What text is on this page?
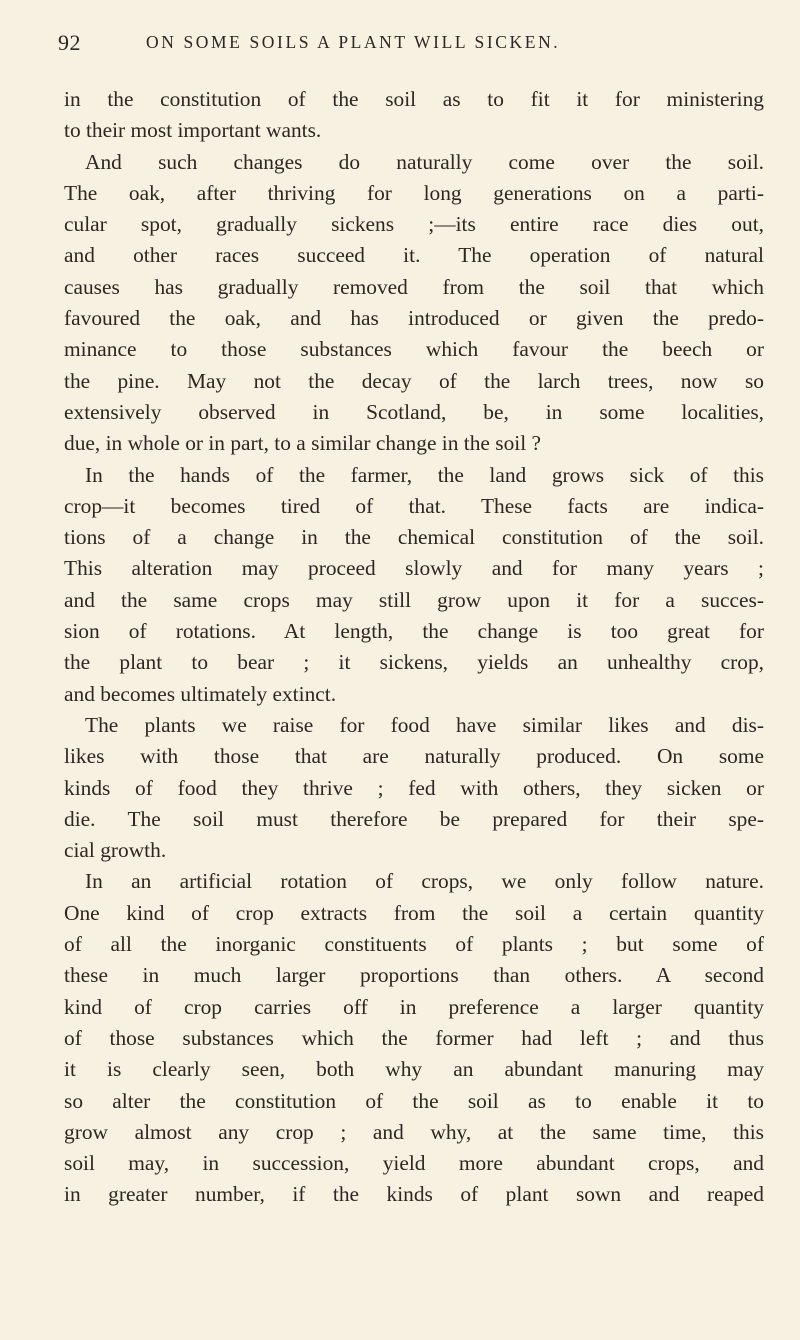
92	ON SOME SOILS A PLANT WILL SICKEN.
in the constitution of the soil as to fit it for ministering
to their most important wants.
And such changes do naturally come over the soil.
The oak, after thriving for long generations on a parti-
cular spot, gradually sickens ;—its entire race dies out,
and other races succeed it. The operation of natural
causes has gradually removed from the soil that which
favoured the oak, and has introduced or given the predo-
minance to those substances which favour the beech or
the pine. May not the decay of the larch trees, now so
extensively observed in Scotland, be, in some localities,
due, in whole or in part, to a similar change in the soil ?
In the hands of the farmer, the land grows sick of this
crop—it becomes tired of that. These facts are indica-
tions of a change in the chemical constitution of the soil.
This alteration may proceed slowly and for many years ;
and the same crops may still grow upon it for a succes-
sion of rotations. At length, the change is too great for
the plant to bear ; it sickens, yields an unhealthy crop,
and becomes ultimately extinct.
The plants we raise for food have similar likes and dis-
likes with those that are naturally produced. On some
kinds of food they thrive ; fed with others, they sicken or
die. The soil must therefore be prepared for their spe-
cial growth.
In an artificial rotation of crops, we only follow nature.
One kind of crop extracts from the soil a certain quantity
of all the inorganic constituents of plants ; but some of
these in much larger proportions than others. A second
kind of crop carries off in preference a larger quantity
of those substances which the former had left ; and thus
it is clearly seen, both why an abundant manuring may
so alter the constitution of the soil as to enable it to
grow almost any crop ; and why, at the same time, this
soil may, in succession, yield more abundant crops, and
in greater number, if the kinds of plant sown and reaped
